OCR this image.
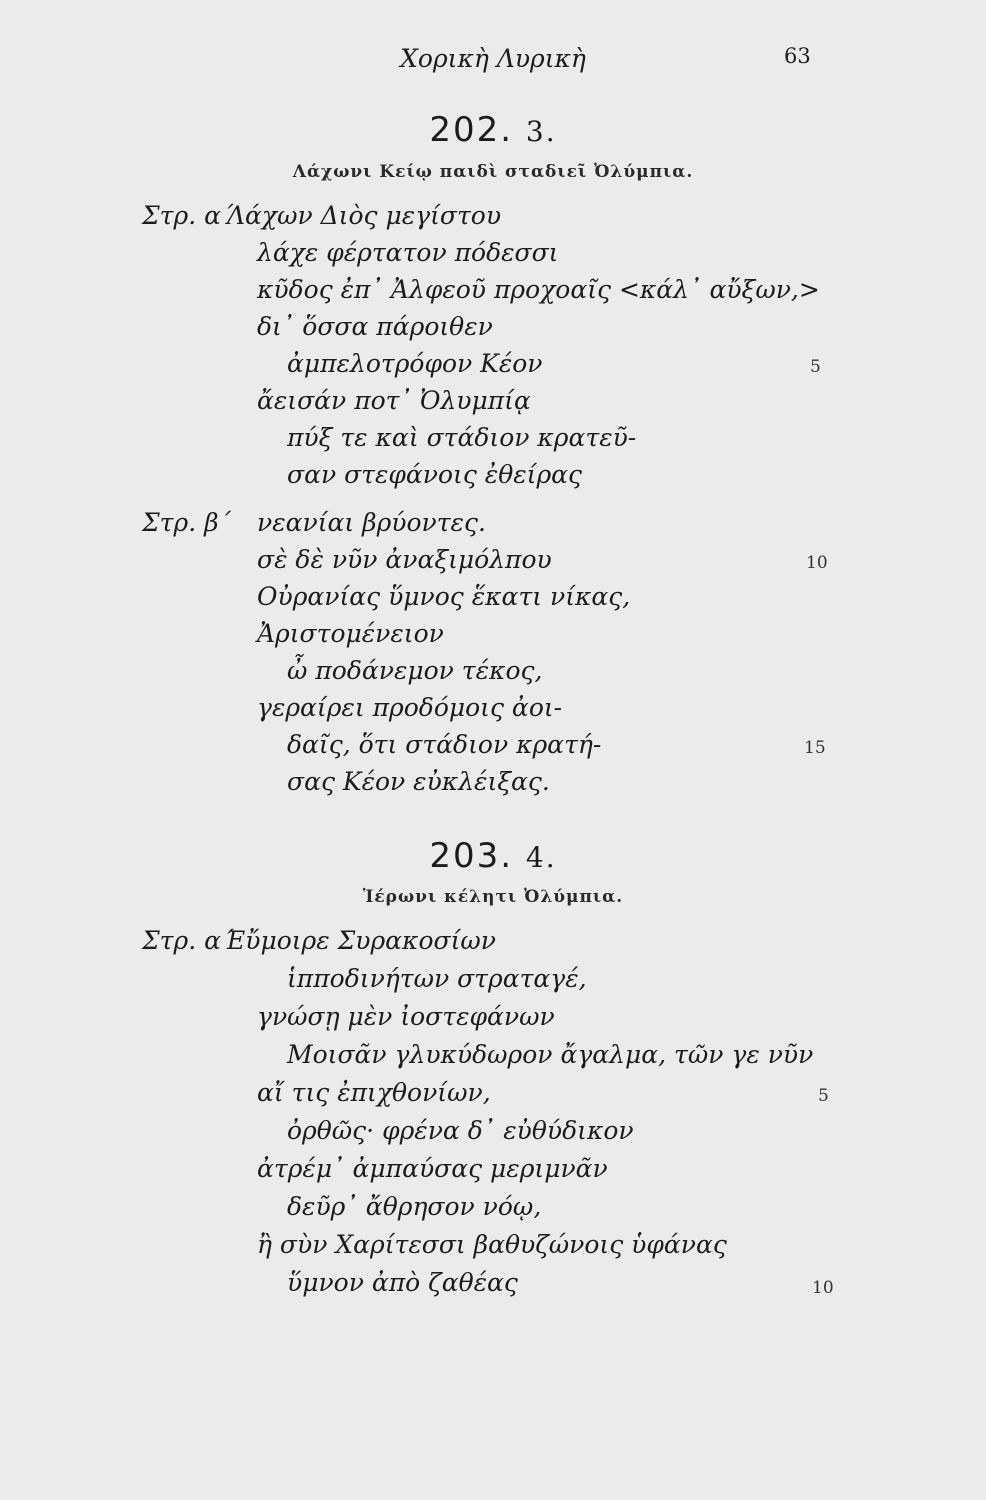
Χορικὴ Λυρικὴ	63
202. 3.
Λάχωνι Κείῳ παιδὶ σταδιεῖ Ὀλύμπια.
Στρ. α΄
Λάχων Διὸς μεγίστου
λάχε φέρτατον πόδεσσι
κῦδος ἐπ᾽ Ἀλφεοῦ προχοαῖς <κάλ᾽ αὔξων,>
δι᾽ ὅσσα πάροιθεν
ἀμπελοτρόφον Κέον	5
ἄεισάν ποτ᾽ Ὀλυμπίᾳ
πύξ τε καὶ στάδιον κρατεῦ-
σαν στεφάνοις ἐθείρας
Στρ. β΄ νεανίαι βρύοντες.
σὲ δὲ νῦν ἀναξιμόλπου	10
Οὐρανίας ὕμνος ἕκατι νίκας,
Ἀριστομένειον
ὦ ποδάνεμον τέκος,
γεραίρει προδόμοις ἀοι-
δαῖς, ὅτι στάδιον κρατή-	15
σας Κέον εὐκλέιξας.
203. 4.
Ἱέρωνι κέλητι Ὀλύμπια.
Στρ. α΄
Εὔμοιρε Συρακοσίων
ἱπποδινήτων στραταγέ,
γνώσῃ μὲν ἰοστεφάνων
Μοισᾶν γλυκύδωρον ἄγαλμα, τῶν γε νῦν
αἴ τις ἐπιχθονίων,	5
ὀρθῶς· φρένα δ᾽ εὐθύδικον
ἀτρέμ᾽ ἀμπαύσας μεριμνᾶν
δεῦρ᾽ ἄθρησον νόῳ,
ἢ σὺν Χαρίτεσσι βαθυζώνοις ὑφάνας
ὕμνον ἀπὸ ζαθέας	10
